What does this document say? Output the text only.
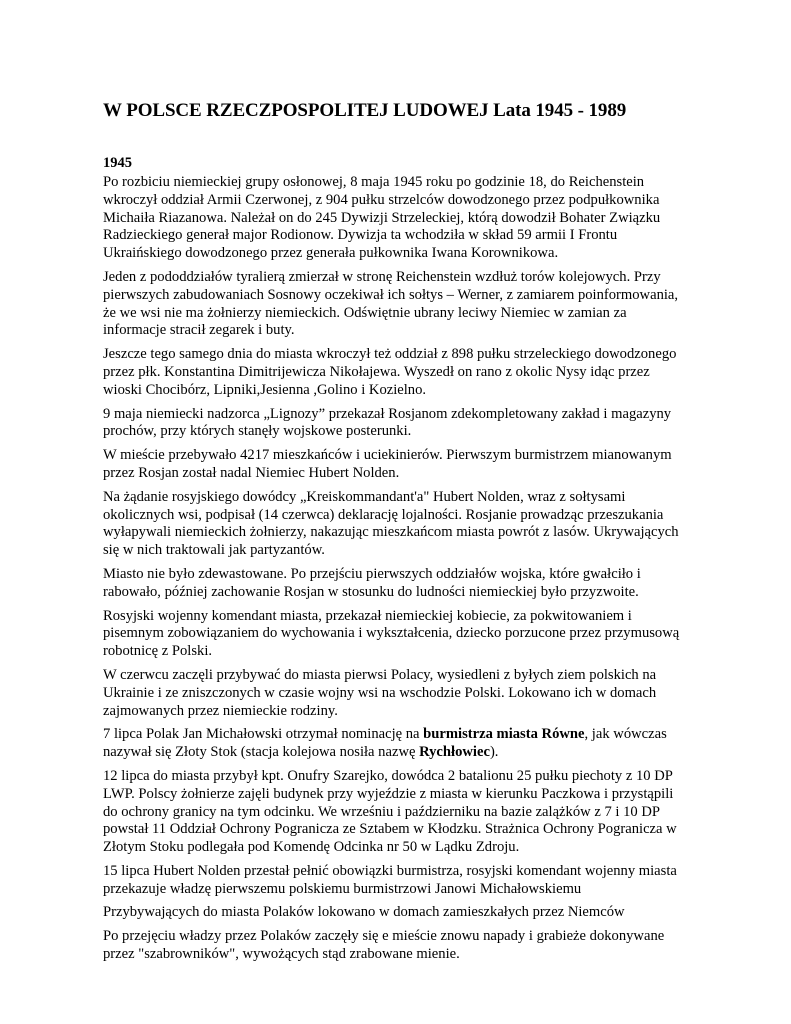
W POLSCE RZECZPOSPOLITEJ LUDOWEJ Lata 1945 - 1989
1945

Po rozbiciu niemieckiej grupy osłonowej, 8 maja 1945 roku po godzinie 18, do Reichenstein wkroczył oddział Armii Czerwonej, z 904 pułku strzelców dowodzonego przez podpułkownika Michaiła Riazanowa. Należał on do 245 Dywizji Strzeleckiej, którą dowodził Bohater Związku Radzieckiego generał major Rodionow. Dywizja ta wchodziła w skład 59 armii I Frontu Ukraińskiego dowodzonego przez generała pułkownika Iwana Korownikowa.

Jeden z pododdziałów tyralierą zmierzał w stronę Reichenstein wzdłuż torów kolejowych. Przy pierwszych zabudowaniach Sosnowy oczekiwał ich sołtys – Werner, z zamiarem poinformowania, że we wsi nie ma żołnierzy niemieckich. Odświętnie ubrany leciwy Niemiec w zamian za informacje stracił zegarek i buty.

Jeszcze tego samego dnia do miasta wkroczył też oddział z 898 pułku strzeleckiego dowodzonego przez płk. Konstantina Dimitrijewicza Nikołajewa. Wyszedł on rano z okolic Nysy idąc przez wioski Chocibórz, Lipniki,Jesienna ,Golino i Kozielno.

9 maja niemiecki nadzorca „Lignozy” przekazał Rosjanom zdekompletowany zakład i magazyny prochów, przy których stanęły wojskowe posterunki.

W mieście przebywało 4217 mieszkańców i uciekinierów. Pierwszym burmistrzem mianowanym przez Rosjan został nadal Niemiec Hubert Nolden.

Na żądanie rosyjskiego dowódcy „Kreiskommandant'a" Hubert Nolden, wraz z sołtysami okolicznych wsi, podpisał (14 czerwca) deklarację lojalności. Rosjanie prowadząc przeszukania wyłapywali niemieckich żołnierzy, nakazując mieszkańcom miasta powrót z lasów. Ukrywających się w nich traktowali jak partyzantów.

Miasto nie było zdewastowane. Po przejściu pierwszych oddziałów wojska, które gwałciło i rabowało, później zachowanie Rosjan w stosunku do ludności niemieckiej było przyzwoite.

Rosyjski wojenny komendant miasta, przekazał niemieckiej kobiecie, za pokwitowaniem i pisemnym zobowiązaniem do wychowania i wykształcenia, dziecko porzucone przez przymusową robotnicę z Polski.

W czerwcu zaczęli przybywać do miasta pierwsi Polacy, wysiedleni z byłych ziem polskich na Ukrainie i ze zniszczonych w czasie wojny wsi na wschodzie Polski. Lokowano ich w domach zajmowanych przez niemieckie rodziny.

7 lipca Polak Jan Michałowski otrzymał nominację na burmistrza miasta Równe, jak wówczas nazywał się Złoty Stok (stacja kolejowa nosiła nazwę Rychłowiec).

12 lipca do miasta przybył kpt. Onufry Szarejko, dowódca 2 batalionu 25 pułku piechoty z 10 DP LWP. Polscy żołnierze zajęli budynek przy wyjeździe z miasta w kierunku Paczkowa i przystąpili do ochrony granicy na tym odcinku. We wrześniu i październiku na bazie zalążków z 7 i 10 DP powstał 11 Oddział Ochrony Pogranicza ze Sztabem w Kłodzku. Strażnica Ochrony Pogranicza w Złotym Stoku podlegała pod Komendę Odcinka nr 50 w Lądku Zdroju.

15 lipca Hubert Nolden przestał pełnić obowiązki burmistrza, rosyjski komendant wojenny miasta przekazuje władzę pierwszemu polskiemu burmistrzowi Janowi Michałowskiemu

Przybywających do miasta Polaków lokowano w domach zamieszkałych przez Niemców

Po przejęciu władzy przez Polaków zaczęły się e mieście znowu napady i grabieże dokonywane przez "szabrowników", wywożących stąd zrabowane mienie.
